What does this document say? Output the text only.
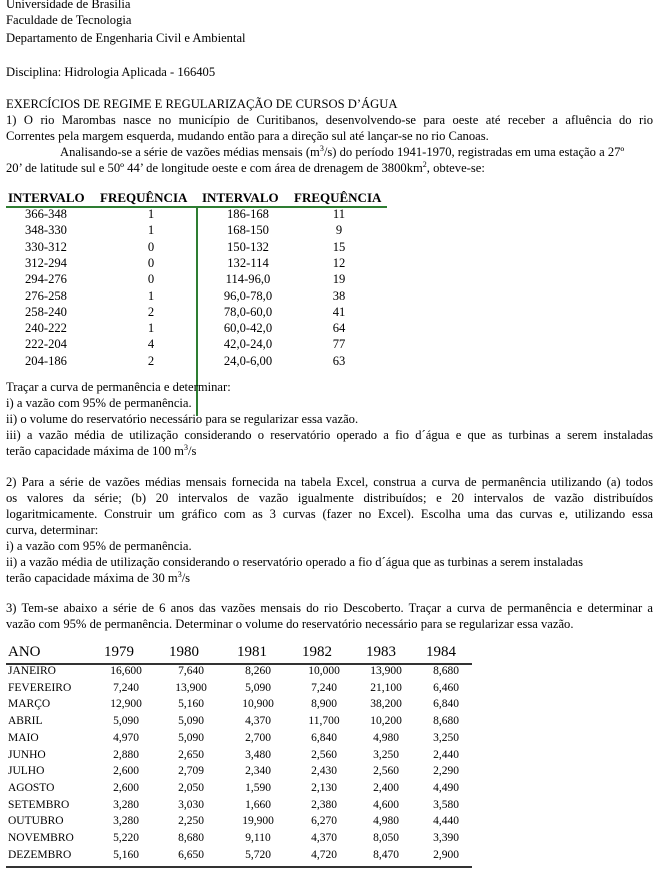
Universidade de Brasília
Faculdade de Tecnologia
Departamento de Engenharia Civil e Ambiental
Disciplina: Hidrologia Aplicada - 166405
EXERCÍCIOS DE REGIME E REGULARIZAÇÃO DE CURSOS D’ÁGUA
1) O rio Marombas nasce no município de Curitibanos, desenvolvendo-se para oeste até receber a afluência do rio
Correntes pela margem esquerda, mudando então para a direção sul até lançar-se no rio Canoas.
Analisando-se a série de vazões médias mensais $(m^3/s)$ do período 1941-1970, registradas em uma estação a 27º
20’ de latitude sul e 50º 44’ de longitude oeste e com área de drenagem de $3800km^2$, obteve-se:
INTERVALO FREQUÊNCIA INTERVALO FREQUÊNCIA
366-348	1	186-168	11
348-330	1	168-150	9
330-312	0	150-132	15
312-294	0	132-114	12
294-276	0	114-96,0	19
276-258	1	96,0-78,0	38
258-240	2	78,0-60,0	41
240-222	1	60,0-42,0	64
222-204	4	42,0-24,0	77
204-186	2	24,0-6,00	63
Traçar a curva de permanência e determinar:
i) a vazão com 95% de permanência.
ii) o volume do reservatório necessário para se regularizar essa vazão.
iii) a vazão média de utilização considerando o reservatório operado a fio d´água e que as turbinas a serem instaladas
terão capacidade máxima de 100 $m^3/s$
2) Para a série de vazões médias mensais fornecida na tabela Excel, construa a curva de permanência utilizando (a) todos
os valores da série; (b) 20 intervalos de vazão igualmente distribuídos; e 20 intervalos de vazão distribuídos
logaritmicamente. Construir um gráfico com as 3 curvas (fazer no Excel). Escolha uma das curvas e, utilizando essa
curva, determinar:
i) a vazão com 95% de permanência.
ii) a vazão média de utilização considerando o reservatório operado a fio d´água que as turbinas a serem instaladas
terão capacidade máxima de 30 $m^3/s$
3) Tem-se abaixo a série de 6 anos das vazões mensais do rio Descoberto. Traçar a curva de permanência e determinar a
vazão com 95% de permanência. Determinar o volume do reservatório necessário para se regularizar essa vazão.
ANO	1979 1980	1981 1982 1983 1984
JANEIRO	16,600	7,640	8,260	10,000	13,900	8,680
FEVEREIRO	7,240	13,900	5,090	7,240	21,100	6,460
MARÇO	12,900	5,160	10,900	8,900	38,200	6,840
ABRIL	5,090	5,090	4,370	11,700	10,200	8,680
MAIO	4,970	5,090	2,700	6,840	4,980	3,250
JUNHO	2,880	2,650	3,480	2,560	3,250	2,440
JULHO	2,600	2,709	2,340	2,430	2,560	2,290
AGOSTO	2,600	2,050	1,590	2,130	2,400	4,490
SETEMBRO	3,280	3,030	1,660	2,380	4,600	3,580
OUTUBRO	3,280	2,250	19,900	6,270	4,980	4,440
NOVEMBRO	5,220	8,680	9,110	4,370	8,050	3,390
DEZEMBRO	5,160	6,650	5,720	4,720	8,470	2,900
